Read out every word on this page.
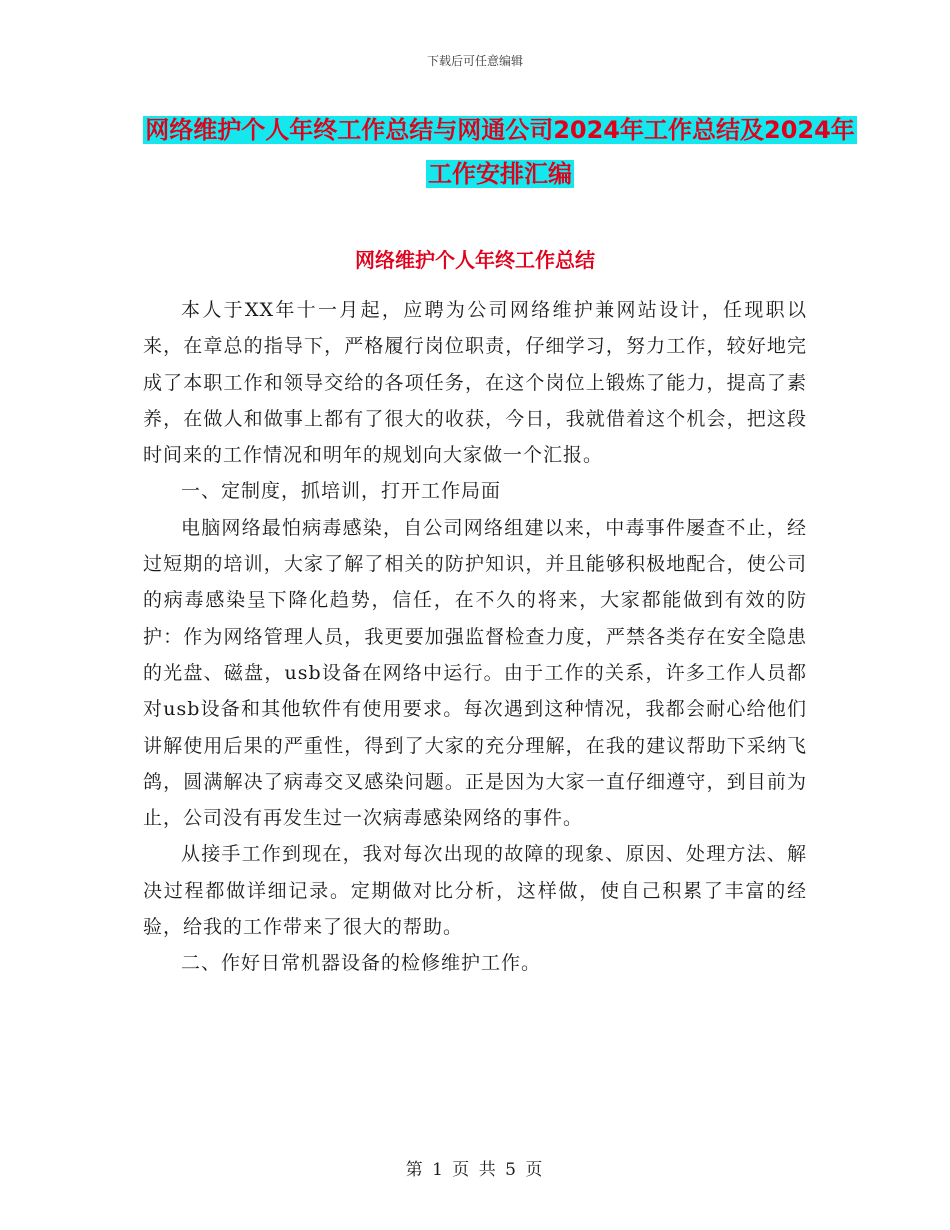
下载后可任意编辑
网络维护个人年终工作总结与网通公司2024年工作总结及2024年工作安排汇编
网络维护个人年终工作总结

本人于XX年十一月起，应聘为公司网络维护兼网站设计，任现职以来，在章总的指导下，严格履行岗位职责，仔细学习，努力工作，较好地完成了本职工作和领导交给的各项任务，在这个岗位上锻炼了能力，提高了素养，在做人和做事上都有了很大的收获，今日，我就借着这个机会，把这段时间来的工作情况和明年的规划向大家做一个汇报。

一、定制度，抓培训，打开工作局面

电脑网络最怕病毒感染，自公司网络组建以来，中毒事件屡查不止，经过短期的培训，大家了解了相关的防护知识，并且能够积极地配合，使公司的病毒感染呈下降化趋势，信任，在不久的将来，大家都能做到有效的防护：作为网络管理人员，我更要加强监督检查力度，严禁各类存在安全隐患的光盘、磁盘，usb设备在网络中运行。由于工作的关系，许多工作人员都对usb设备和其他软件有使用要求。每次遇到这种情况，我都会耐心给他们讲解使用后果的严重性，得到了大家的充分理解，在我的建议帮助下采纳飞鸽，圆满解决了病毒交叉感染问题。正是因为大家一直仔细遵守，到目前为止，公司没有再发生过一次病毒感染网络的事件。

从接手工作到现在，我对每次出现的故障的现象、原因、处理方法、解决过程都做详细记录。定期做对比分析，这样做，使自己积累了丰富的经验，给我的工作带来了很大的帮助。

二、作好日常机器设备的检修维护工作。

第 1 页 共 5 页
